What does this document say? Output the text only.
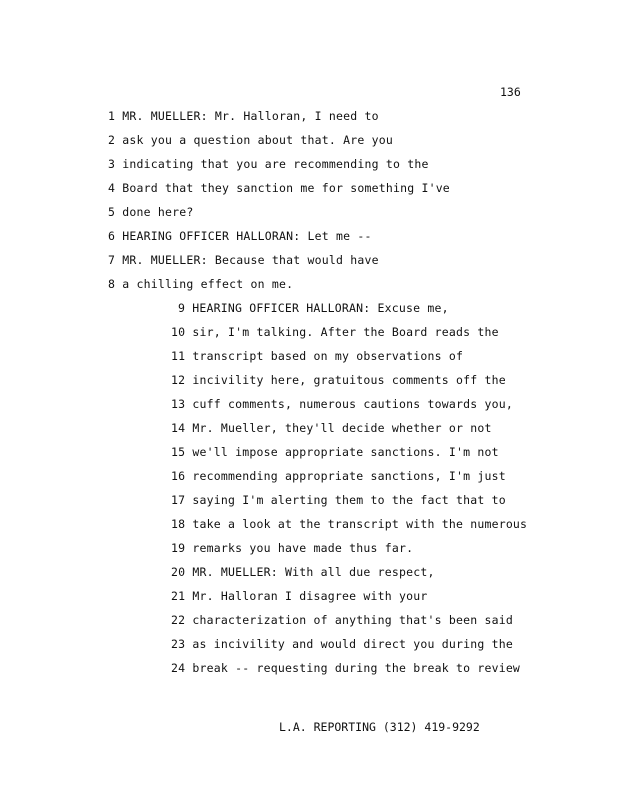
136
1 MR. MUELLER: Mr. Halloran, I need to
2 ask you a question about that. Are you
3 indicating that you are recommending to the
4 Board that they sanction me for something I've
5 done here?
6 HEARING OFFICER HALLORAN: Let me --
7 MR. MUELLER: Because that would have
8 a chilling effect on me.
9 HEARING OFFICER HALLORAN: Excuse me,
10 sir, I'm talking. After the Board reads the
11 transcript based on my observations of
12 incivility here, gratuitous comments off the
13 cuff comments, numerous cautions towards you,
14 Mr. Mueller, they'll decide whether or not
15 we'll impose appropriate sanctions. I'm not
16 recommending appropriate sanctions, I'm just
17 saying I'm alerting them to the fact that to
18 take a look at the transcript with the numerous
19 remarks you have made thus far.
20 MR. MUELLER: With all due respect,
21 Mr. Halloran I disagree with your
22 characterization of anything that's been said
23 as incivility and would direct you during the
24 break -- requesting during the break to review
L.A. REPORTING (312) 419-9292
